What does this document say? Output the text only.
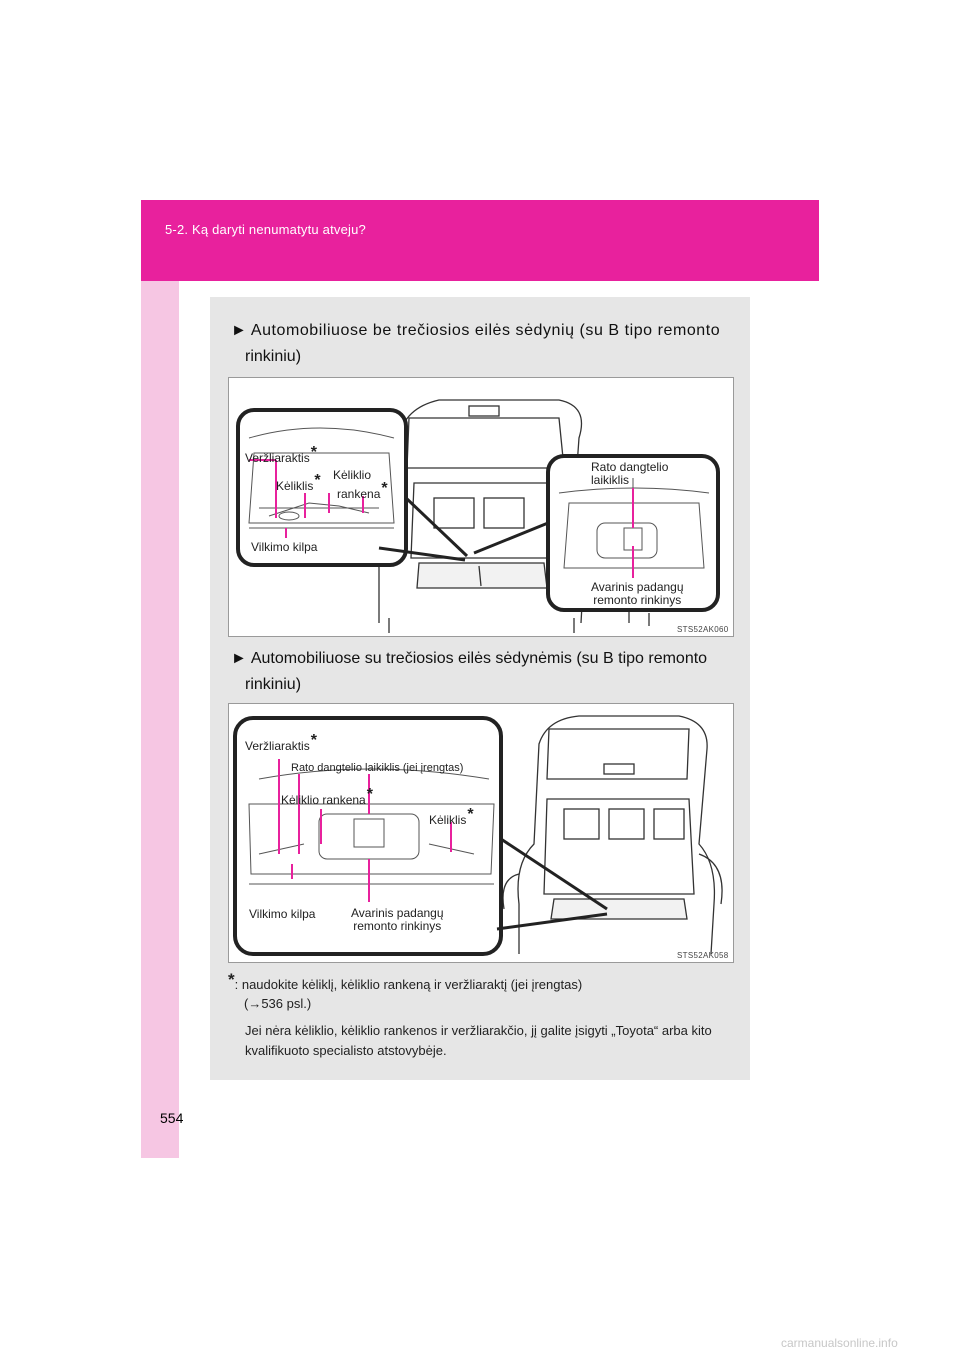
5-2. Ką daryti nenumatytu atveju?
► Automobiliuose be trečiosios eilės sėdynių (su B tipo remonto
rinkiniu)
Veržliaraktis*
Kėliklis* Kėliklio
rankena*
Vilkimo kilpa
Rato dangtelio
laikiklis
Avarinis padangų
remonto rinkinys
STS52AK060
► Automobiliuose su trečiosios eilės sėdynėmis (su B tipo remonto
rinkiniu)
Veržliaraktis*
Rato dangtelio laikiklis (jei įrengtas)
Kėliklio rankena*
Kėliklis*
Vilkimo kilpa	Avarinis padangų
remonto rinkinys
STS52AK058
*: naudokite kėliklį, kėliklio rankeną ir veržliaraktį (jei įrengtas)
(→536 psl.)
Jei nėra kėliklio, kėliklio rankenos ir veržliarakčio, jį galite įsigyti „Toyota“ arba kito kvalifikuoto specialisto atstovybėje.
554
carmanualsonline.info
